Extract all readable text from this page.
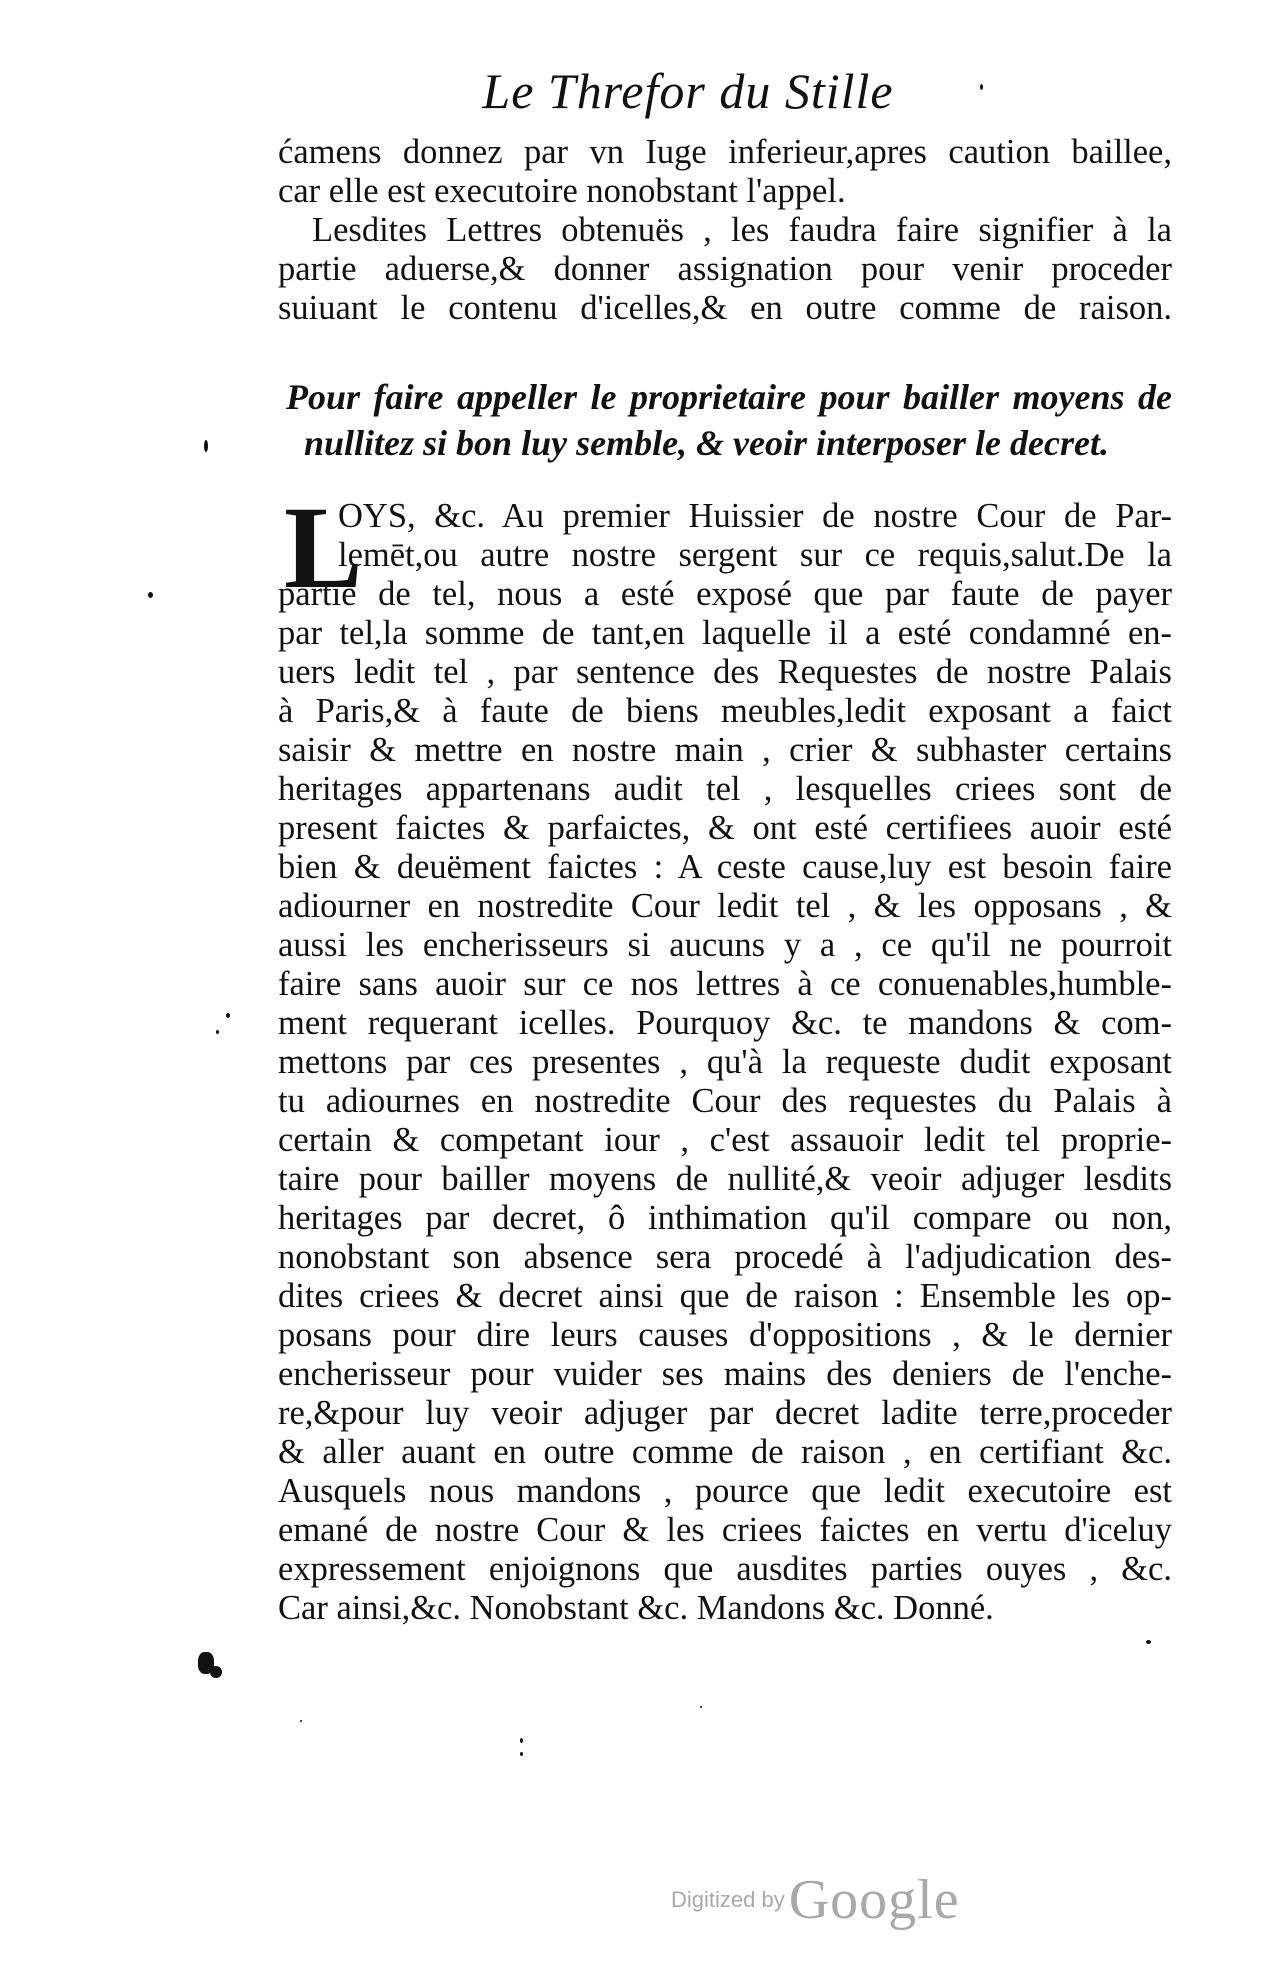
Le Threfor du Stille
ćamens donnez par vn Iuge inferieur,apres caution baillee,
car elle est executoire nonobstant l'appel.
Lesdites Lettres obtenuës , les faudra faire signifier à la
partie aduerse,& donner assignation pour venir proceder
suiuant le contenu d'icelles,& en outre comme de raison.
Pour faire appeller le proprietaire pour bailler moyens de
nullitez si bon luy semble, & veoir interposer le decret.
L
OYS, &c. Au premier Huissier de nostre Cour de Par-
lemēt,ou autre nostre sergent sur ce requis,salut.De la
partie de tel, nous a esté exposé que par faute de payer
par tel,la somme de tant,en laquelle il a esté condamné en-
uers ledit tel , par sentence des Requestes de nostre Palais
à Paris,& à faute de biens meubles,ledit exposant a faict
saisir & mettre en nostre main , crier & subhaster certains
heritages appartenans audit tel , lesquelles criees sont de
present faictes & parfaictes, & ont esté certifiees auoir esté
bien & deuëment faictes : A ceste cause,luy est besoin faire
adiourner en nostredite Cour ledit tel , & les opposans , &
aussi les encherisseurs si aucuns y a , ce qu'il ne pourroit
faire sans auoir sur ce nos lettres à ce conuenables,humble-
ment requerant icelles. Pourquoy &c. te mandons & com-
mettons par ces presentes , qu'à la requeste dudit exposant
tu adiournes en nostredite Cour des requestes du Palais à
certain & competant iour , c'est assauoir ledit tel proprie-
taire pour bailler moyens de nullité,& veoir adjuger lesdits
heritages par decret, ô inthimation qu'il compare ou non,
nonobstant son absence sera procedé à l'adjudication des-
dites criees & decret ainsi que de raison : Ensemble les op-
posans pour dire leurs causes d'oppositions , & le dernier
encherisseur pour vuider ses mains des deniers de l'enche-
re,&pour luy veoir adjuger par decret ladite terre,proceder
& aller auant en outre comme de raison , en certifiant &c.
Ausquels nous mandons , pource que ledit executoire est
emané de nostre Cour & les criees faictes en vertu d'iceluy
expressement enjoignons que ausdites parties ouyes , &c.
Car ainsi,&c. Nonobstant &c. Mandons &c. Donné.
Digitized by Google
